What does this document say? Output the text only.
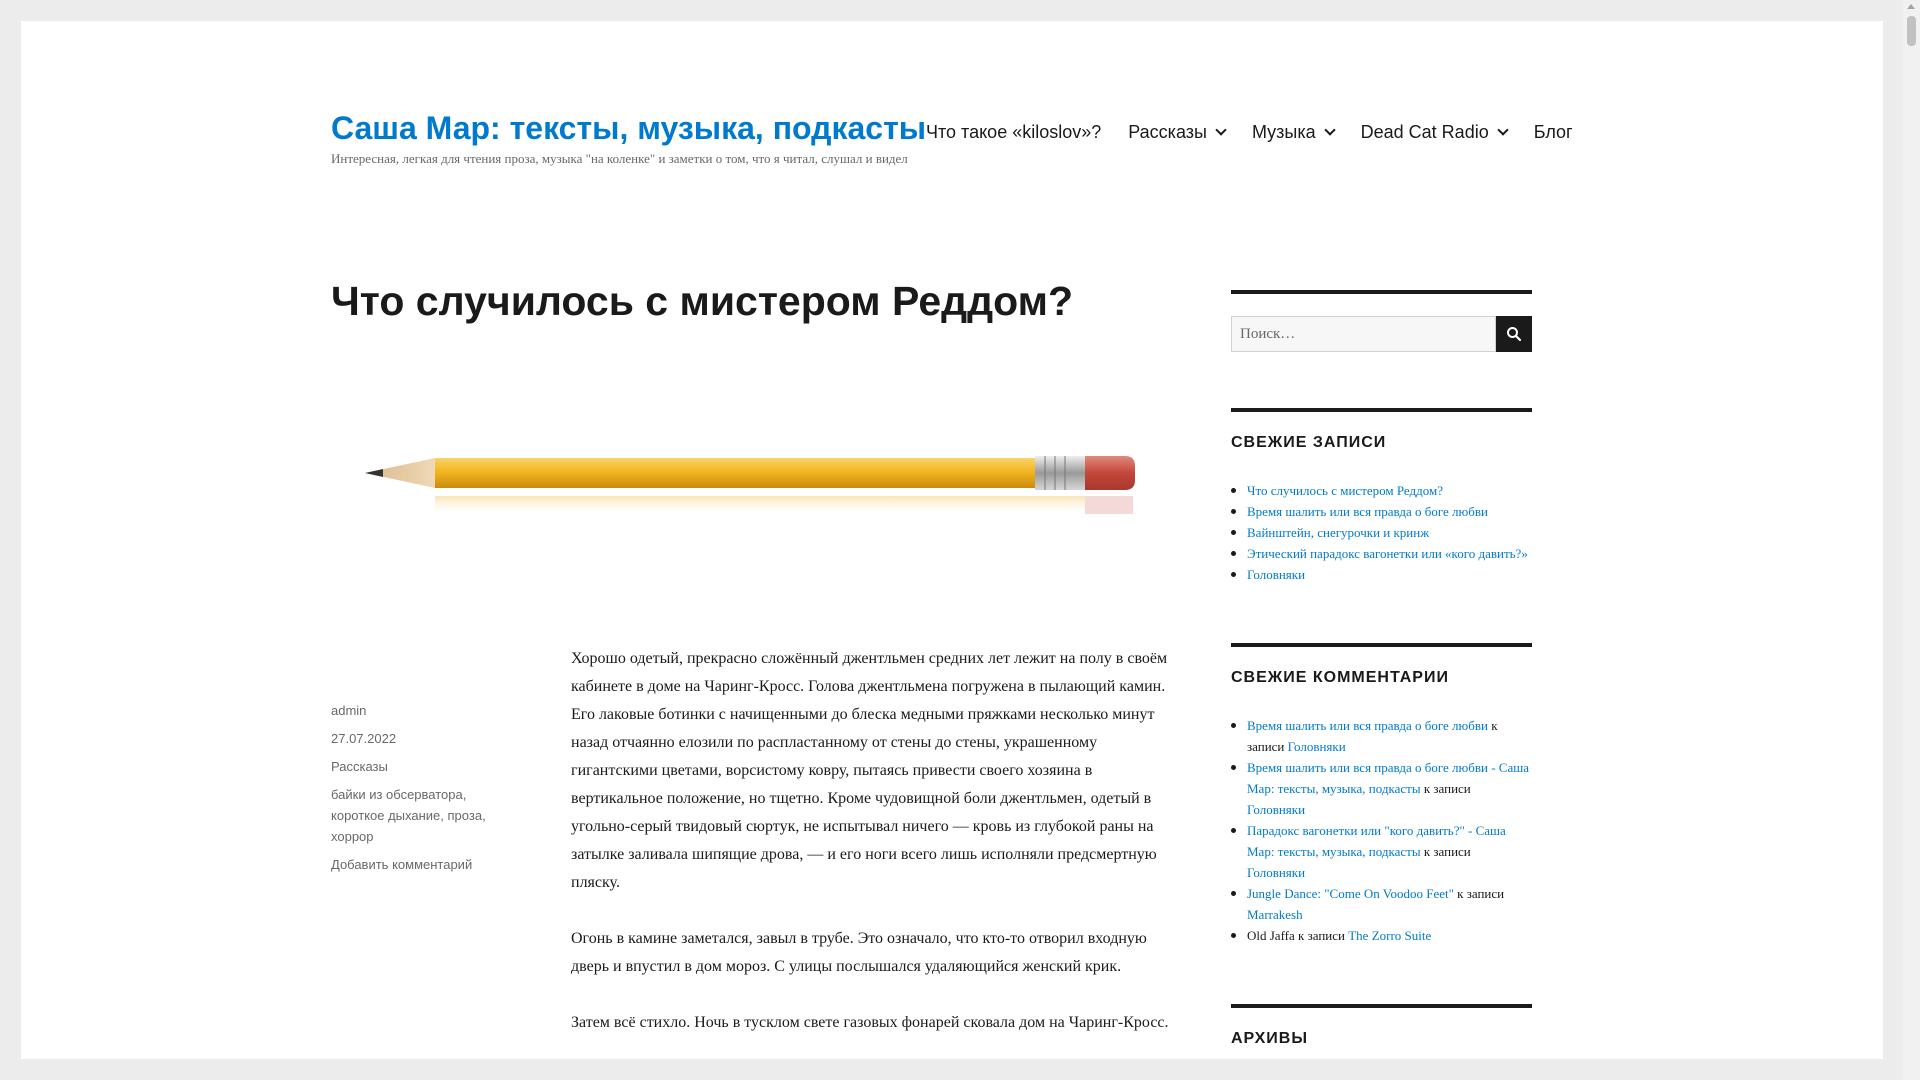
Саша Мар: тексты, музыка, подкасты
Интересная, легкая для чтения проза, музыка "на коленке" и заметки о том, что я читал, слушал и видел
Что такое «kiloslov»? Рассказы	Музыка	Dead Cat Radio	Блог
Что случилось с мистером Реддом?
admin
27.07.2022
Рассказы
байки из обсерватора, короткое дыхание, проза, хоррор
Добавить комментарий

Хорошо одетый, прекрасно сложённый джентльмен средних лет лежит на полу в своём кабинете в доме на Чаринг-Кросс. Голова джентльмена погружена в пылающий камин. Его лаковые ботинки с начищенными до блеска медными пряжками несколько минут назад отчаянно елозили по распластанному от стены до стены, украшенному гигантскими цветами, ворсистому ковру, пытаясь привести своего хозяина в вертикальное положение, но тщетно. Кроме чудовищной боли джентльмен, одетый в угольно-серый твидовый сюртук, не испытывал ничего — кровь из глубокой раны на затылке заливала шипящие дрова, — и его ноги всего лишь исполняли предсмертную пляску.

Огонь в камине заметался, завыл в трубе. Это означало, что кто-то отворил входную дверь и впустил в дом мороз. С улицы послышался удаляющийся женский крик.

Затем всё стихло. Ночь в тусклом свете газовых фонарей сковала дом на Чаринг-Кросс.

Поиск…
СВЕЖИЕ ЗАПИСИ
Что случилось с мистером Реддом?
Время шалить или вся правда о боге любви
Вайнштейн, снегурочки и кринж
Этический парадокс вагонетки или «кого давить?»
Головняки
СВЕЖИЕ КОММЕНТАРИИ
Время шалить или вся правда о боге любви к записи Головняки
Время шалить или вся правда о боге любви - Саша Мар: тексты, музыка, подкасты к записи Головняки
Парадокс вагонетки или "кого давить?" - Саша Мар: тексты, музыка, подкасты к записи Головняки
Jungle Dance: "Come On Voodoo Feet" к записи Marrakesh
Old Jaffa к записи The Zorro Suite
АРХИВЫ
